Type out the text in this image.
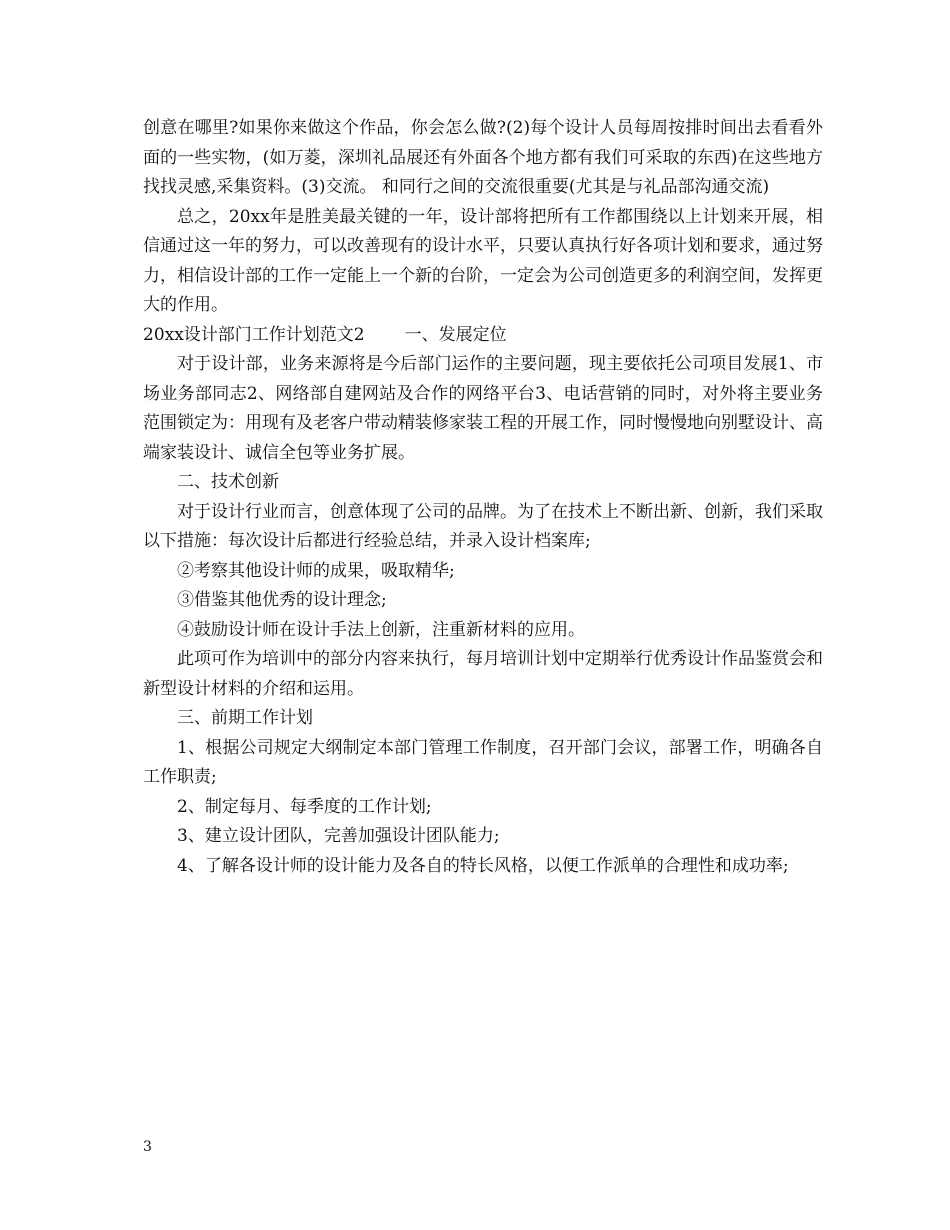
创意在哪里?如果你来做这个作品，你会怎么做?(2)每个设计人员每周按排时间出去看看外面的一些实物，(如万菱，深圳礼品展还有外面各个地方都有我们可采取的东西)在这些地方找找灵感,采集资料。(3)交流。 和同行之间的交流很重要(尤其是与礼品部沟通交流)

总之，20xx年是胜美最关键的一年，设计部将把所有工作都围绕以上计划来开展，相信通过这一年的努力，可以改善现有的设计水平，只要认真执行好各项计划和要求，通过努力，相信设计部的工作一定能上一个新的台阶，一定会为公司创造更多的利润空间，发挥更大的作用。

20xx设计部门工作计划范文2 一、发展定位

对于设计部，业务来源将是今后部门运作的主要问题，现主要依托公司项目发展1、市场业务部同志2、网络部自建网站及合作的网络平台3、电话营销的同时，对外将主要业务范围锁定为：用现有及老客户带动精装修家装工程的开展工作，同时慢慢地向别墅设计、高端家装设计、诚信全包等业务扩展。

二、技术创新

对于设计行业而言，创意体现了公司的品牌。为了在技术上不断出新、创新，我们采取以下措施：每次设计后都进行经验总结，并录入设计档案库;

②考察其他设计师的成果，吸取精华;

③借鉴其他优秀的设计理念;

④鼓励设计师在设计手法上创新，注重新材料的应用。

此项可作为培训中的部分内容来执行，每月培训计划中定期举行优秀设计作品鉴赏会和新型设计材料的介绍和运用。

三、前期工作计划

1、根据公司规定大纲制定本部门管理工作制度，召开部门会议，部署工作，明确各自工作职责;

2、制定每月、每季度的工作计划;

3、建立设计团队，完善加强设计团队能力;

4、了解各设计师的设计能力及各自的特长风格，以便工作派单的合理性和成功率;

3
